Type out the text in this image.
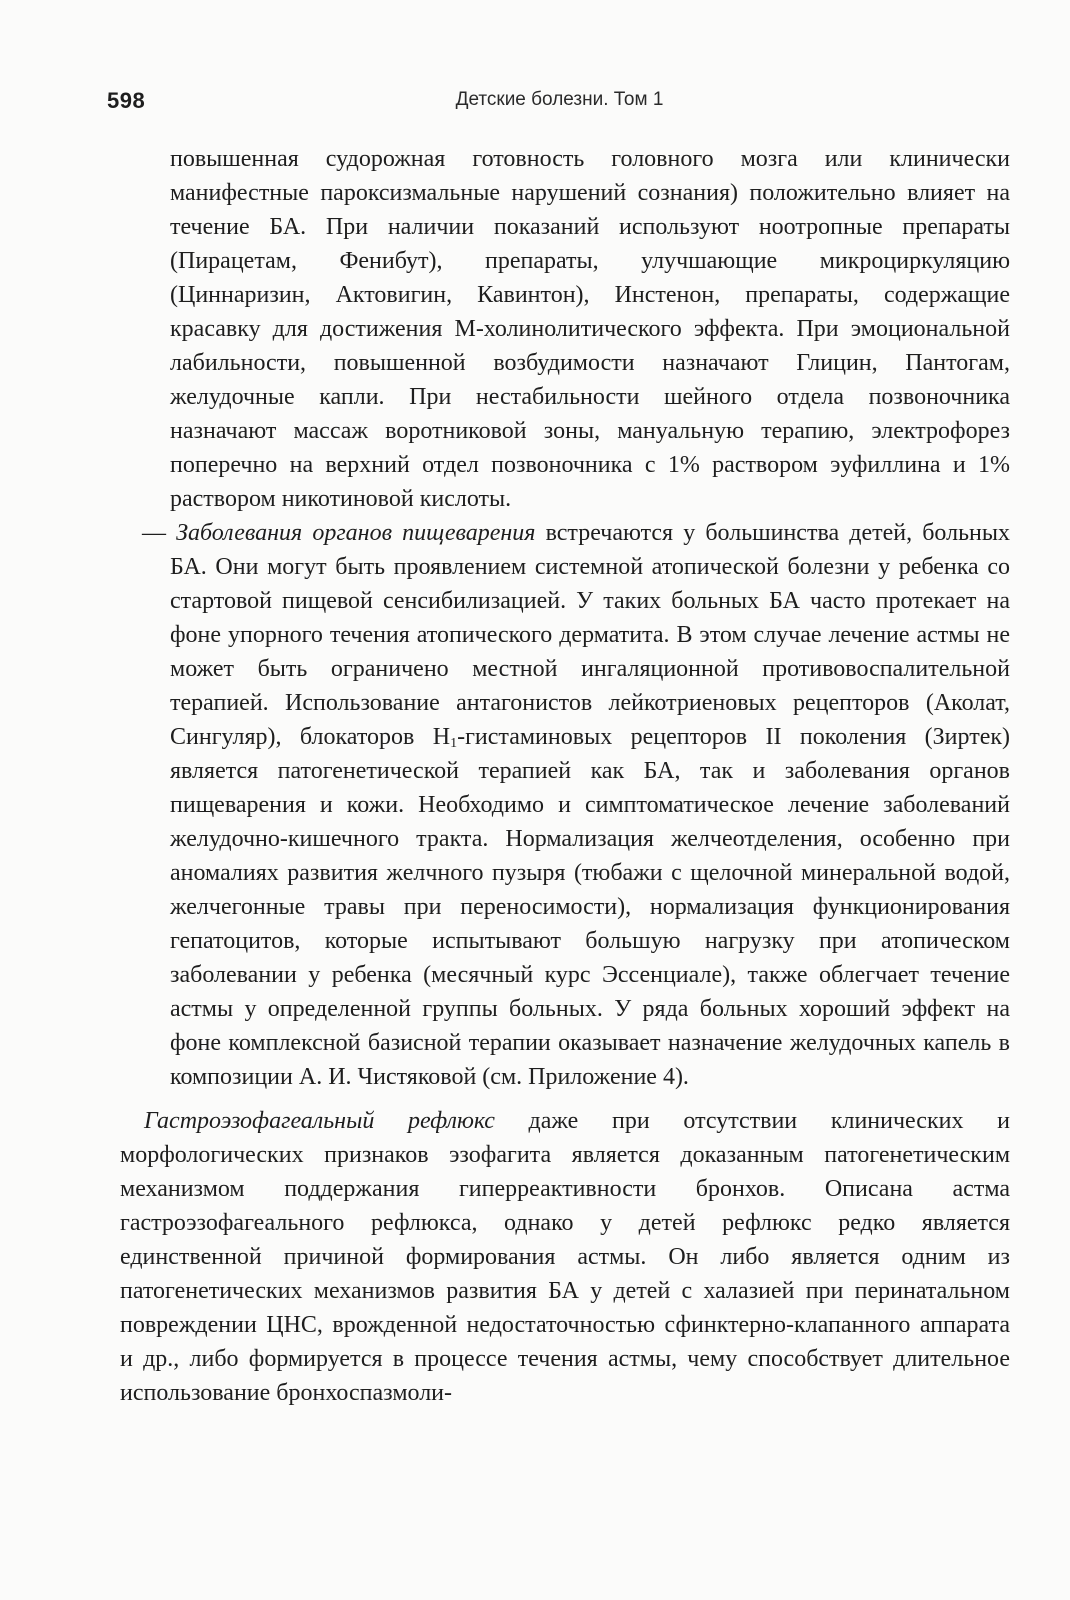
598	Детские болезни. Том 1

повышенная судорожная готовность головного мозга или клинически манифестные пароксизмальные нарушений сознания) положительно влияет на течение БА. При наличии показаний используют ноотропные препараты (Пирацетам, Фенибут), препараты, улучшающие микроциркуляцию (Циннаризин, Актовигин, Кавинтон), Инстенон, препараты, содержащие красавку для достижения М-холинолитического эффекта. При эмоциональной лабильности, повышенной возбудимости назначают Глицин, Пантогам, желудочные капли. При нестабильности шейного отдела позвоночника назначают массаж воротниковой зоны, мануальную терапию, электрофорез поперечно на верхний отдел позвоночника с 1% раствором эуфиллина и 1% раствором никотиновой кислоты.

— Заболевания органов пищеварения встречаются у большинства детей, больных БА. Они могут быть проявлением системной атопической болезни у ребенка со стартовой пищевой сенсибилизацией. У таких больных БА часто протекает на фоне упорного течения атопического дерматита. В этом случае лечение астмы не может быть ограничено местной ингаляционной противовоспалительной терапией. Использование антагонистов лейкотриеновых рецепторов (Аколат, Сингуляр), блокаторов $Н_1$-гистаминовых рецепторов II поколения (Зиртек) является патогенетической терапией как БА, так и заболевания органов пищеварения и кожи. Необходимо и симптоматическое лечение заболеваний желудочно-кишечного тракта. Нормализация желчеотделения, особенно при аномалиях развития желчного пузыря (тюбажи с щелочной минеральной водой, желчегонные травы при переносимости), нормализация функционирования гепатоцитов, которые испытывают большую нагрузку при атопическом заболевании у ребенка (месячный курс Эссенциале), также облегчает течение астмы у определенной группы больных. У ряда больных хороший эффект на фоне комплексной базисной терапии оказывает назначение желудочных капель в композиции А. И. Чистяковой (см. Приложение 4).

Гастроэзофагеальный рефлюкс даже при отсутствии клинических и морфологических признаков эзофагита является доказанным патогенетическим механизмом поддержания гиперреактивности бронхов. Описана астма гастроэзофагеального рефлюкса, однако у детей рефлюкс редко является единственной причиной формирования астмы. Он либо является одним из патогенетических механизмов развития БА у детей с халазией при перинатальном повреждении ЦНС, врожденной недостаточностью сфинктерно-клапанного аппарата и др., либо формируется в процессе течения астмы, чему способствует длительное использование бронхоспазмоли-
